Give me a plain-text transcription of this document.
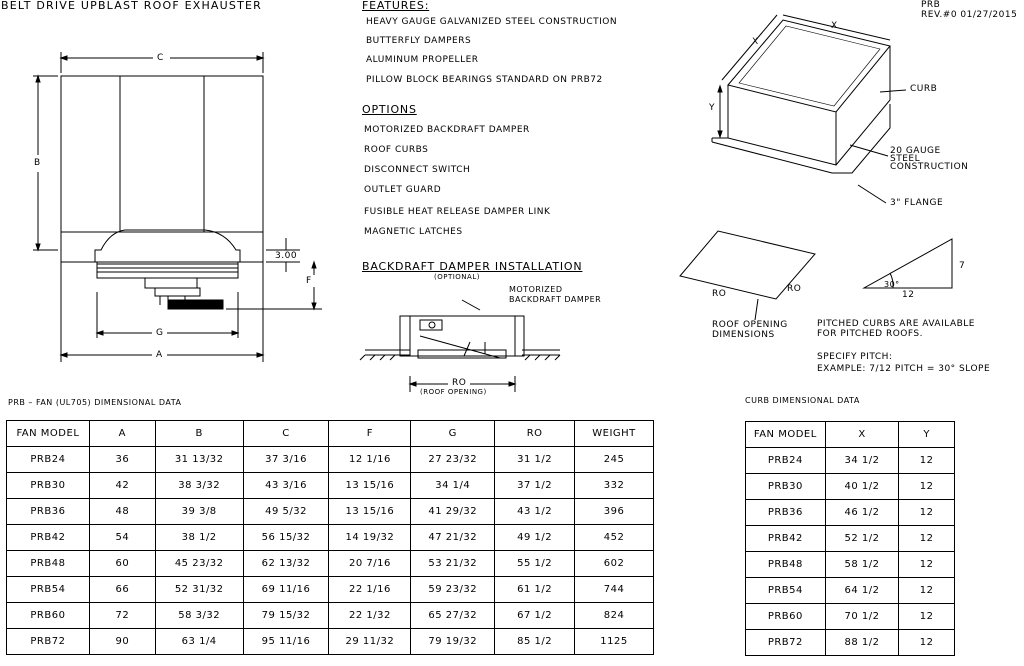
BELT DRIVE UPBLAST ROOF EXHAUSTER	PRB
REV.#0 01/27/2015
FEATURES:
HEAVY GAUGE GALVANIZED STEEL CONSTRUCTION
BUTTERFLY DAMPERS
ALUMINUM PROPELLER
PILLOW BLOCK BEARINGS STANDARD ON PRB72
OPTIONS
MOTORIZED BACKDRAFT DAMPER
ROOF CURBS
DISCONNECT SWITCH
OUTLET GUARD
FUSIBLE HEAT RELEASE DAMPER LINK
MAGNETIC LATCHES
BACKDRAFT DAMPER INSTALLATION
(OPTIONAL)
MOTORIZED
BACKDRAFT DAMPER
RO
(ROOF OPENING)
C
B
G
A
F
3.00
X
X
Y
CURB
20 GAUGE
STEEL
CONSTRUCTION
3" FLANGE
RO	RO
ROOF OPENING
DIMENSIONS
30°
12
7
PITCHED CURBS ARE AVAILABLE
FOR PITCHED ROOFS.
SPECIFY PITCH:
EXAMPLE: 7/12 PITCH = 30° SLOPE
PRB – FAN (UL705) DIMENSIONAL DATA	CURB DIMENSIONAL DATA
FAN MODEL	A	B	C	F	G	RO	WEIGHT
PRB24	36	31 13/32	37 3/16	12 1/16	27 23/32	31 1/2	245
PRB30	42	38 3/32	43 3/16	13 15/16	34 1/4	37 1/2	332
PRB36	48	39 3/8	49 5/32	13 15/16	41 29/32	43 1/2	396
PRB42	54	38 1/2	56 15/32	14 19/32	47 21/32	49 1/2	452
PRB48	60	45 23/32	62 13/32	20 7/16	53 21/32	55 1/2	602
PRB54	66	52 31/32	69 11/16	22 1/16	59 23/32	61 1/2	744
PRB60	72	58 3/32	79 15/32	22 1/32	65 27/32	67 1/2	824
PRB72	90	63 1/4	95 11/16	29 11/32	79 19/32	85 1/2	1125
FAN MODEL	X	Y
PRB24	34 1/2	12
PRB30	40 1/2	12
PRB36	46 1/2	12
PRB42	52 1/2	12
PRB48	58 1/2	12
PRB54	64 1/2	12
PRB60	70 1/2	12
PRB72	88 1/2	12
